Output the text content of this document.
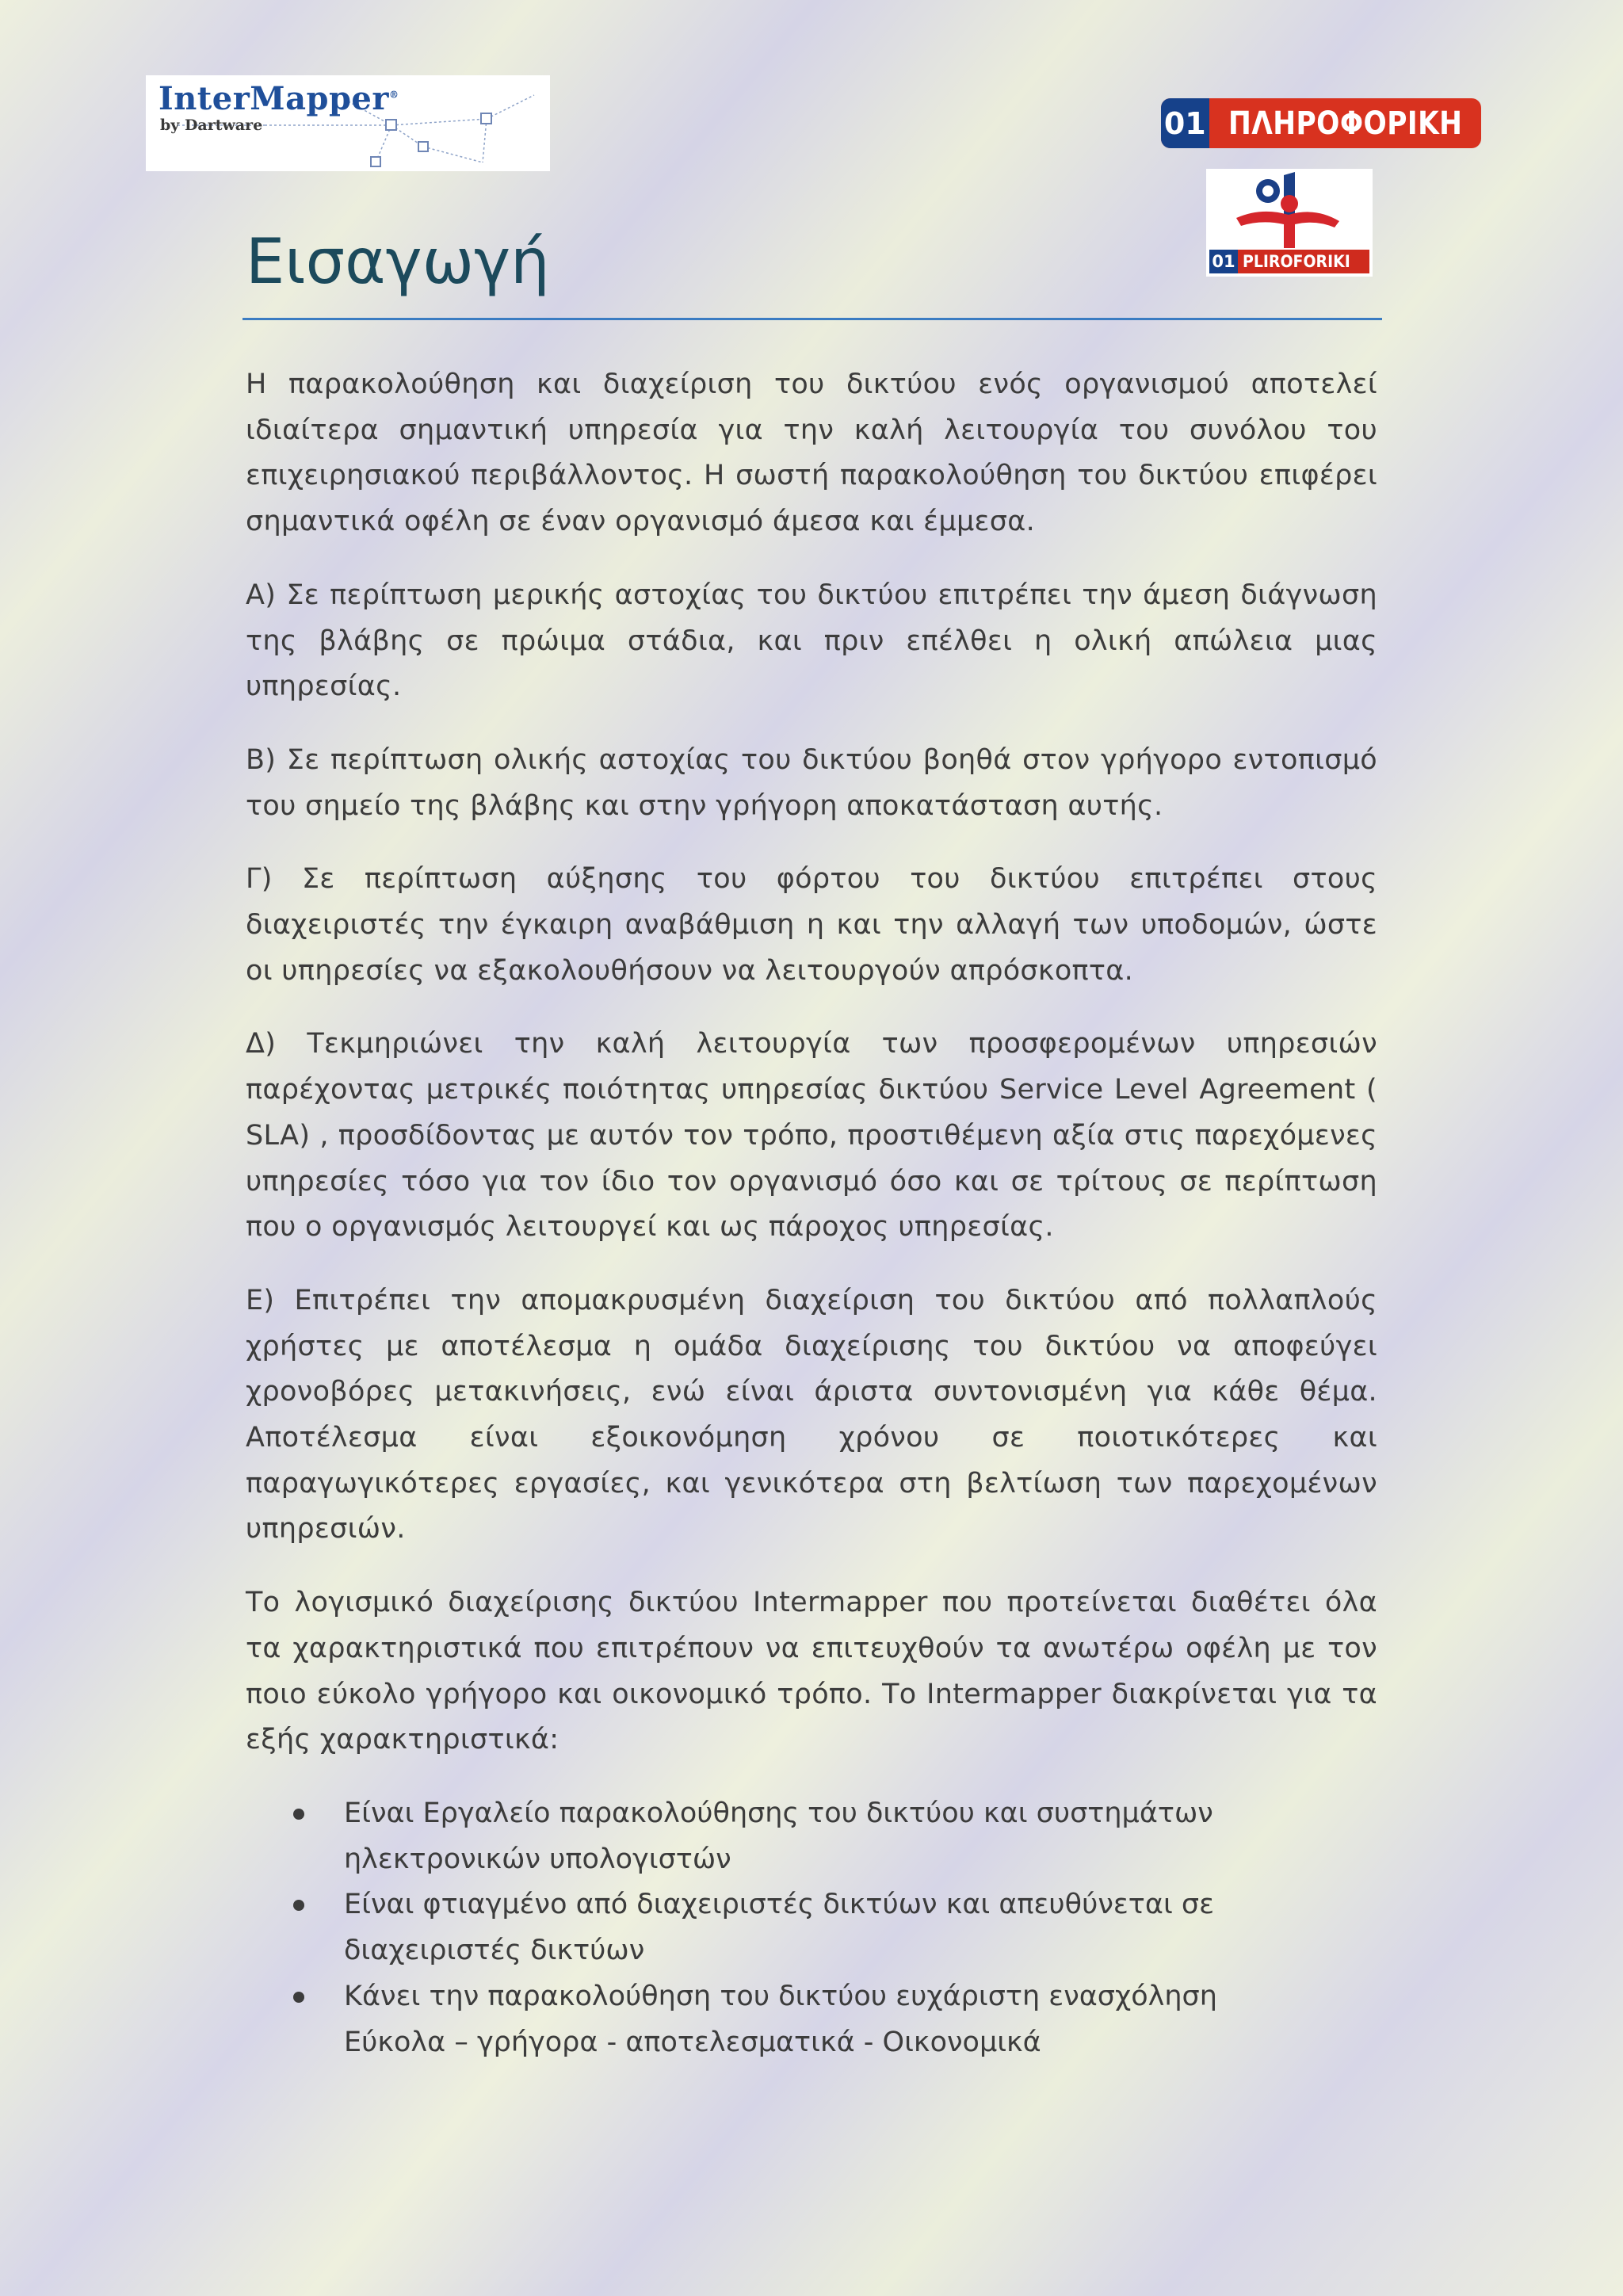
InterMapper®
by Dartware	01 ΠΛΗΡΟΦΟΡΙΚΗ
01 PLIROFORIKI
Εισαγωγή

Η παρακολούθηση και διαχείριση του δικτύου ενός οργανισμού αποτελεί ιδιαίτερα σημαντική υπηρεσία για την καλή λειτουργία του συνόλου του επιχειρησιακού περιβάλλοντος. Η σωστή παρακολούθηση του δικτύου επιφέρει σημαντικά οφέλη σε έναν οργανισμό άμεσα και έμμεσα.

Α) Σε περίπτωση μερικής αστοχίας του δικτύου επιτρέπει την άμεση διάγνωση της βλάβης σε πρώιμα στάδια, και πριν επέλθει η ολική απώλεια μιας υπηρεσίας.

Β) Σε περίπτωση ολικής αστοχίας του δικτύου βοηθά στον γρήγορο εντοπισμό του σημείο της βλάβης και στην γρήγορη αποκατάσταση αυτής.

Γ) Σε περίπτωση αύξησης του φόρτου του δικτύου επιτρέπει στους διαχειριστές την έγκαιρη αναβάθμιση η και την αλλαγή των υποδομών, ώστε οι υπηρεσίες να εξακολουθήσουν να λειτουργούν απρόσκοπτα.

Δ) Τεκμηριώνει την καλή λειτουργία των προσφερομένων υπηρεσιών παρέχοντας μετρικές ποιότητας υπηρεσίας δικτύου Service Level Agreement ( SLA) , προσδίδοντας με αυτόν τον τρόπο, προστιθέμενη αξία στις παρεχόμενες υπηρεσίες τόσο για τον ίδιο τον οργανισμό όσο και σε τρίτους σε περίπτωση που ο οργανισμός λειτουργεί και ως πάροχος υπηρεσίας.

Ε) Επιτρέπει την απομακρυσμένη διαχείριση του δικτύου από πολλαπλούς χρήστες με αποτέλεσμα η ομάδα διαχείρισης του δικτύου να αποφεύγει χρονοβόρες μετακινήσεις, ενώ είναι άριστα συντονισμένη για κάθε θέμα. Αποτέλεσμα είναι εξοικονόμηση χρόνου σε ποιοτικότερες και παραγωγικότερες εργασίες, και γενικότερα στη βελτίωση των παρεχομένων υπηρεσιών.

Το λογισμικό διαχείρισης δικτύου Intermapper που προτείνεται διαθέτει όλα τα χαρακτηριστικά που επιτρέπουν να επιτευχθούν τα ανωτέρω οφέλη με τον ποιο εύκολο γρήγορο και οικονομικό τρόπο. Το Intermapper διακρίνεται για τα εξής χαρακτηριστικά:

Είναι Εργαλείο παρακολούθησης του δικτύου και συστημάτων ηλεκτρονικών υπολογιστών
Είναι φτιαγμένο από διαχειριστές δικτύων και απευθύνεται σε διαχειριστές δικτύων
Κάνει την παρακολούθηση του δικτύου ευχάριστη ενασχόληση Εύκολα – γρήγορα - αποτελεσματικά - Οικονομικά
